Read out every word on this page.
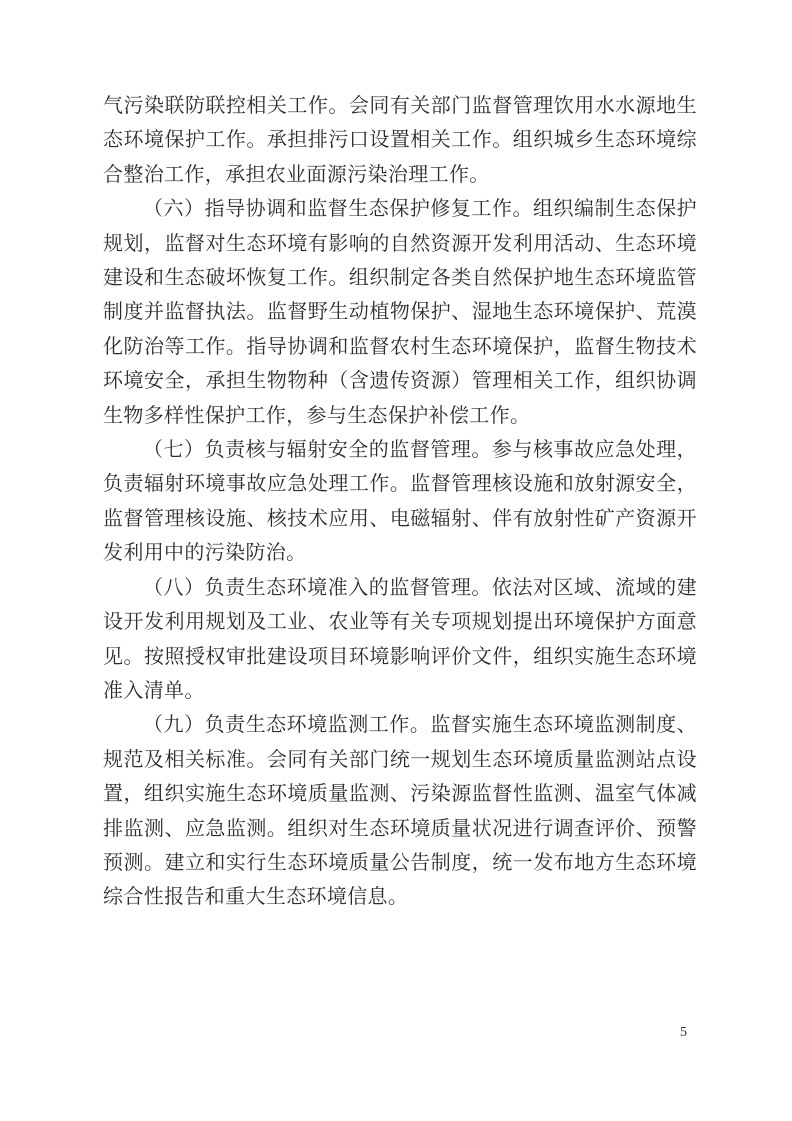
气污染联防联控相关工作。会同有关部门监督管理饮用水水源地生态环境保护工作。承担排污口设置相关工作。组织城乡生态环境综合整治工作，承担农业面源污染治理工作。

（六）指导协调和监督生态保护修复工作。组织编制生态保护规划，监督对生态环境有影响的自然资源开发利用活动、生态环境建设和生态破坏恢复工作。组织制定各类自然保护地生态环境监管制度并监督执法。监督野生动植物保护、湿地生态环境保护、荒漠化防治等工作。指导协调和监督农村生态环境保护，监督生物技术环境安全，承担生物物种（含遗传资源）管理相关工作，组织协调生物多样性保护工作，参与生态保护补偿工作。

（七）负责核与辐射安全的监督管理。参与核事故应急处理，负责辐射环境事故应急处理工作。监督管理核设施和放射源安全，监督管理核设施、核技术应用、电磁辐射、伴有放射性矿产资源开发利用中的污染防治。

（八）负责生态环境准入的监督管理。依法对区域、流域的建设开发利用规划及工业、农业等有关专项规划提出环境保护方面意见。按照授权审批建设项目环境影响评价文件，组织实施生态环境准入清单。

（九）负责生态环境监测工作。监督实施生态环境监测制度、规范及相关标准。会同有关部门统一规划生态环境质量监测站点设置，组织实施生态环境质量监测、污染源监督性监测、温室气体减排监测、应急监测。组织对生态环境质量状况进行调查评价、预警预测。建立和实行生态环境质量公告制度，统一发布地方生态环境综合性报告和重大生态环境信息。

5
